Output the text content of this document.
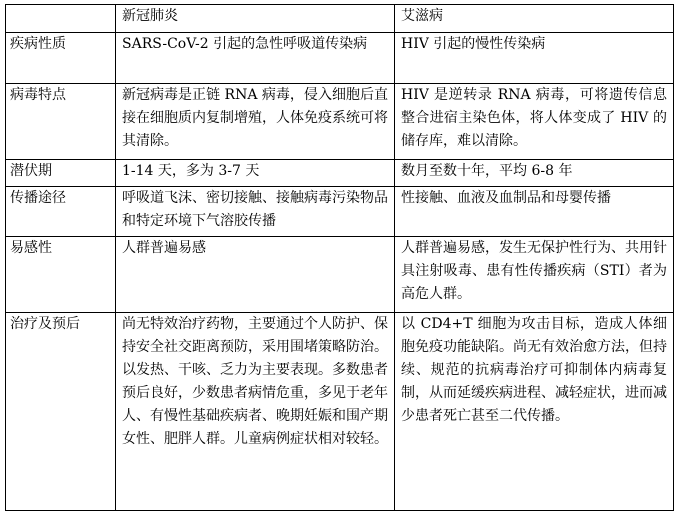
	新冠肺炎	艾滋病
疾病性质	SARS-CoV-2 引起的急性呼吸道传染病	HIV 引起的慢性传染病
病毒特点	新冠病毒是正链 RNA 病毒，侵入细胞后直接在细胞质内复制增殖，人体免疫系统可将其清除。	HIV 是逆转录 RNA 病毒，可将遗传信息整合进宿主染色体，将人体变成了 HIV 的储存库，难以清除。
潜伏期	1-14 天，多为 3-7 天	数月至数十年，平均 6-8 年
传播途径	呼吸道飞沫、密切接触、接触病毒污染物品和特定环境下气溶胶传播	性接触、血液及血制品和母婴传播
易感性	人群普遍易感	人群普遍易感，发生无保护性行为、共用针具注射吸毒、患有性传播疾病（STI）者为高危人群。
治疗及预后	尚无特效治疗药物，主要通过个人防护、保持安全社交距离预防，采用围堵策略防治。以发热、干咳、乏力为主要表现。多数患者预后良好，少数患者病情危重，多见于老年人、有慢性基础疾病者、晚期妊娠和围产期女性、肥胖人群。儿童病例症状相对较轻。	以 CD4+T 细胞为攻击目标，造成人体细胞免疫功能缺陷。尚无有效治愈方法，但持续、规范的抗病毒治疗可抑制体内病毒复制，从而延缓疾病进程、减轻症状，进而减少患者死亡甚至二代传播。
